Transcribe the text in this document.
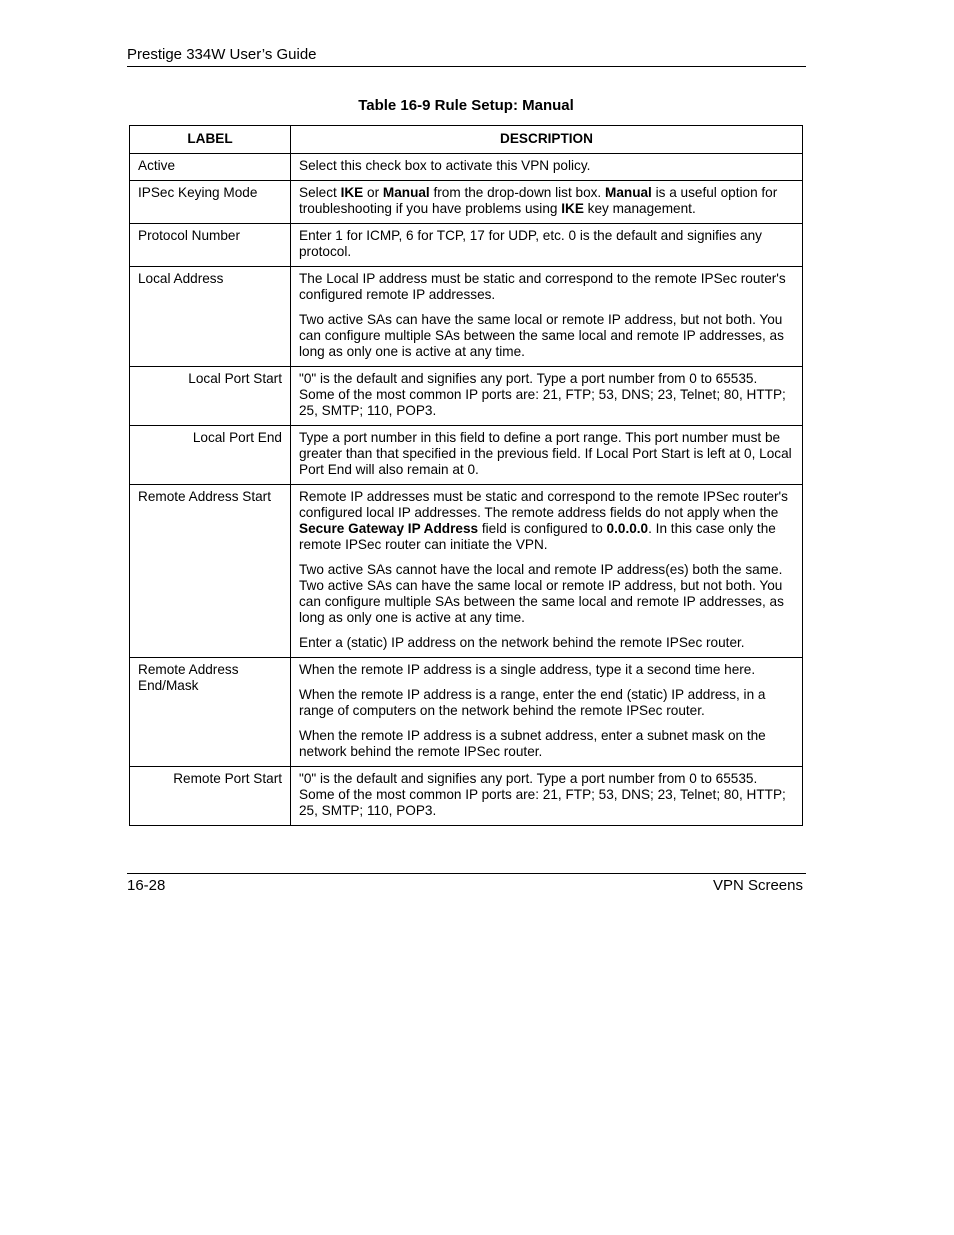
Prestige 334W User’s Guide
Table 16-9 Rule Setup: Manual
LABEL	DESCRIPTION
Active	Select this check box to activate this VPN policy.

IPSec Keying Mode	Select IKE or Manual from the drop-down list box. Manual is a useful option for troubleshooting if you have problems using IKE key management.

Protocol Number	Enter 1 for ICMP, 6 for TCP, 17 for UDP, etc. 0 is the default and signifies any protocol.

Local Address	The Local IP address must be static and correspond to the remote IPSec router's configured remote IP addresses.

Two active SAs can have the same local or remote IP address, but not both. You can configure multiple SAs between the same local and remote IP addresses, as long as only one is active at any time.

Local Port Start	"0" is the default and signifies any port. Type a port number from 0 to 65535. Some of the most common IP ports are: 21, FTP; 53, DNS; 23, Telnet; 80, HTTP; 25, SMTP; 110, POP3.

Local Port End	Type a port number in this field to define a port range. This port number must be greater than that specified in the previous field. If Local Port Start is left at 0, Local Port End will also remain at 0.

Remote Address Start	Remote IP addresses must be static and correspond to the remote IPSec router's configured local IP addresses. The remote address fields do not apply when the Secure Gateway IP Address field is configured to 0.0.0.0. In this case only the remote IPSec router can initiate the VPN.

Two active SAs cannot have the local and remote IP address(es) both the same. Two active SAs can have the same local or remote IP address, but not both. You can configure multiple SAs between the same local and remote IP addresses, as long as only one is active at any time.

Enter a (static) IP address on the network behind the remote IPSec router.

Remote Address End/Mask	When the remote IP address is a single address, type it a second time here.

When the remote IP address is a range, enter the end (static) IP address, in a range of computers on the network behind the remote IPSec router.

When the remote IP address is a subnet address, enter a subnet mask on the network behind the remote IPSec router.

Remote Port Start	"0" is the default and signifies any port. Type a port number from 0 to 65535. Some of the most common IP ports are: 21, FTP; 53, DNS; 23, Telnet; 80, HTTP; 25, SMTP; 110, POP3.

16-28	VPN Screens
